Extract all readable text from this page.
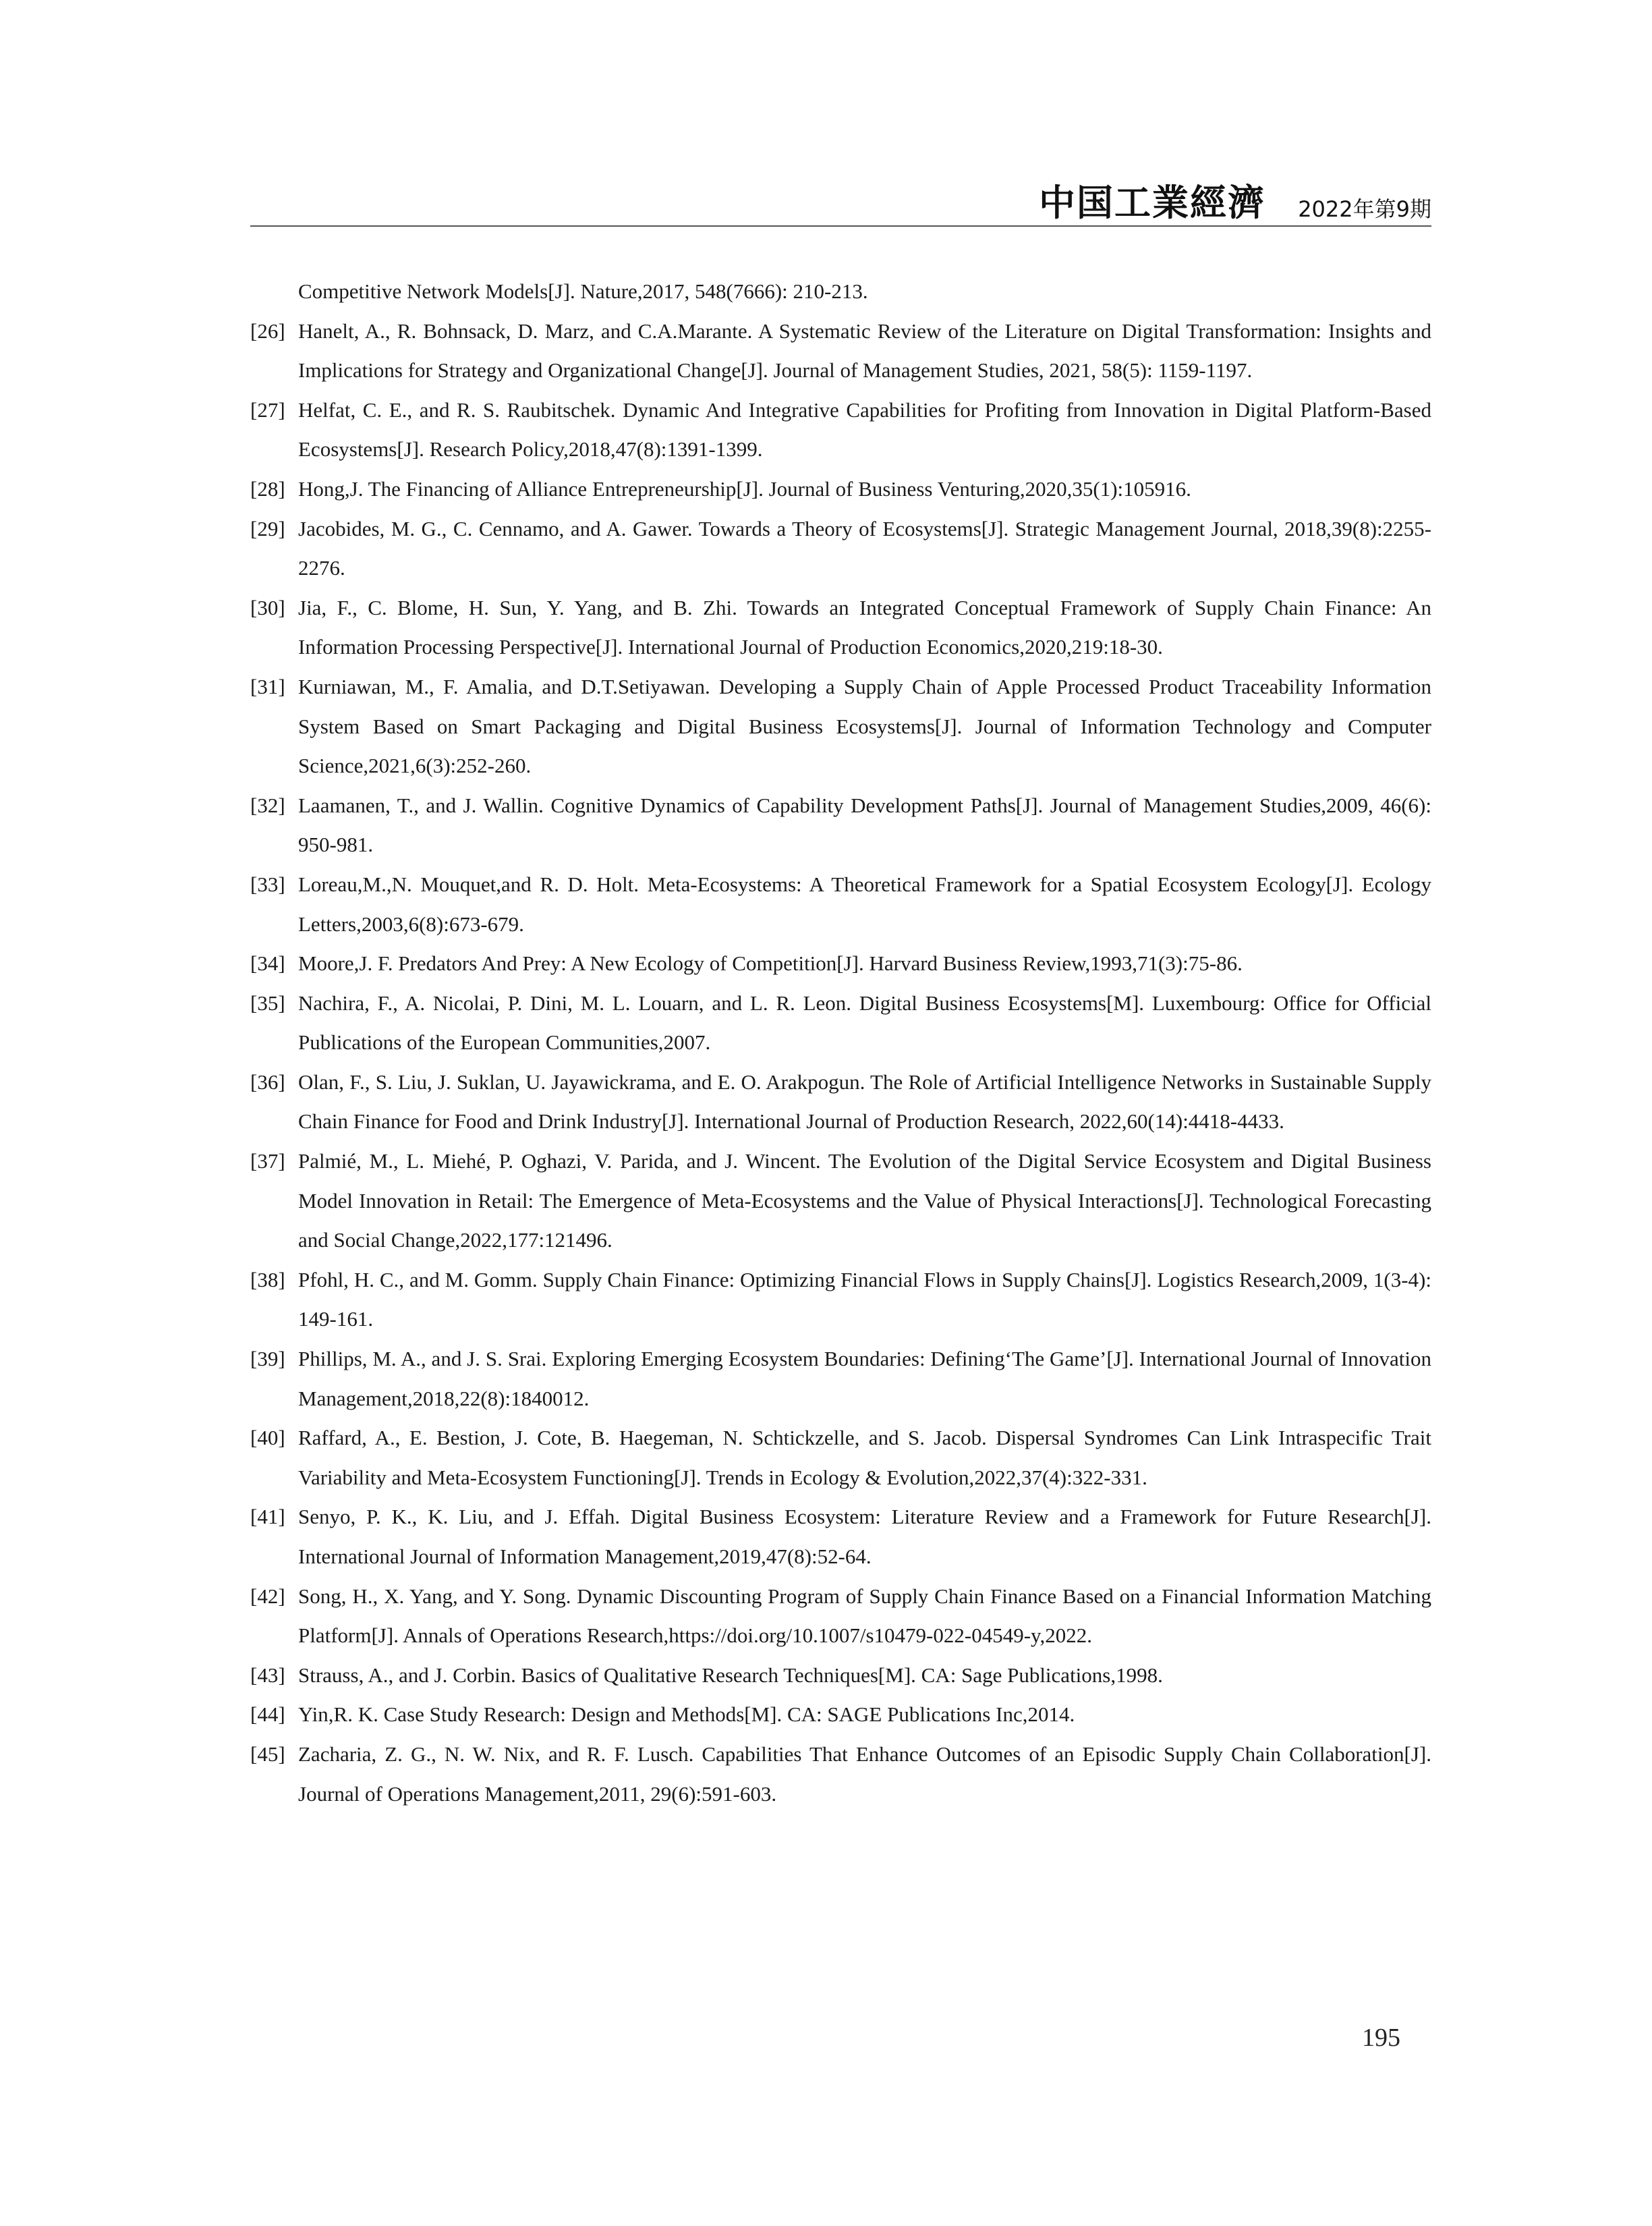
中国工業經濟 2022年第9期
Competitive Network Models[J]. Nature,2017, 548(7666): 210-213.
[26] Hanelt, A., R. Bohnsack, D. Marz, and C.A.Marante. A Systematic Review of the Literature on Digital Transformation: Insights and Implications for Strategy and Organizational Change[J]. Journal of Management Studies, 2021, 58(5): 1159-1197.
[27] Helfat, C. E., and R. S. Raubitschek. Dynamic And Integrative Capabilities for Profiting from Innovation in Digital Platform-Based Ecosystems[J]. Research Policy,2018,47(8):1391-1399.
[28] Hong,J. The Financing of Alliance Entrepreneurship[J]. Journal of Business Venturing,2020,35(1):105916.
[29] Jacobides, M. G., C. Cennamo, and A. Gawer. Towards a Theory of Ecosystems[J]. Strategic Management Journal, 2018,39(8):2255-2276.
[30] Jia, F., C. Blome, H. Sun, Y. Yang, and B. Zhi. Towards an Integrated Conceptual Framework of Supply Chain Finance: An Information Processing Perspective[J]. International Journal of Production Economics,2020,219:18-30.
[31] Kurniawan, M., F. Amalia, and D.T.Setiyawan. Developing a Supply Chain of Apple Processed Product Traceability Information System Based on Smart Packaging and Digital Business Ecosystems[J]. Journal of Information Technology and Computer Science,2021,6(3):252-260.
[32] Laamanen, T., and J. Wallin. Cognitive Dynamics of Capability Development Paths[J]. Journal of Management Studies,2009, 46(6): 950-981.
[33] Loreau,M.,N. Mouquet,and R. D. Holt. Meta-Ecosystems: A Theoretical Framework for a Spatial Ecosystem Ecology[J]. Ecology Letters,2003,6(8):673-679.
[34] Moore,J. F. Predators And Prey: A New Ecology of Competition[J]. Harvard Business Review,1993,71(3):75-86.
[35] Nachira, F., A. Nicolai, P. Dini, M. L. Louarn, and L. R. Leon. Digital Business Ecosystems[M]. Luxembourg: Office for Official Publications of the European Communities,2007.
[36] Olan, F., S. Liu, J. Suklan, U. Jayawickrama, and E. O. Arakpogun. The Role of Artificial Intelligence Networks in Sustainable Supply Chain Finance for Food and Drink Industry[J]. International Journal of Production Research, 2022,60(14):4418-4433.
[37] Palmié, M., L. Miehé, P. Oghazi, V. Parida, and J. Wincent. The Evolution of the Digital Service Ecosystem and Digital Business Model Innovation in Retail: The Emergence of Meta-Ecosystems and the Value of Physical Interactions[J]. Technological Forecasting and Social Change,2022,177:121496.
[38] Pfohl, H. C., and M. Gomm. Supply Chain Finance: Optimizing Financial Flows in Supply Chains[J]. Logistics Research,2009, 1(3-4): 149-161.
[39] Phillips, M. A., and J. S. Srai. Exploring Emerging Ecosystem Boundaries: Defining‘The Game’[J]. International Journal of Innovation Management,2018,22(8):1840012.
[40] Raffard, A., E. Bestion, J. Cote, B. Haegeman, N. Schtickzelle, and S. Jacob. Dispersal Syndromes Can Link Intraspecific Trait Variability and Meta-Ecosystem Functioning[J]. Trends in Ecology & Evolution,2022,37(4):322-331.
[41] Senyo, P. K., K. Liu, and J. Effah. Digital Business Ecosystem: Literature Review and a Framework for Future Research[J]. International Journal of Information Management,2019,47(8):52-64.
[42] Song, H., X. Yang, and Y. Song. Dynamic Discounting Program of Supply Chain Finance Based on a Financial Information Matching Platform[J]. Annals of Operations Research,https://doi.org/10.1007/s10479-022-04549-y,2022.
[43] Strauss, A., and J. Corbin. Basics of Qualitative Research Techniques[M]. CA: Sage Publications,1998.
[44] Yin,R. K. Case Study Research: Design and Methods[M]. CA: SAGE Publications Inc,2014.
[45] Zacharia, Z. G., N. W. Nix, and R. F. Lusch. Capabilities That Enhance Outcomes of an Episodic Supply Chain Collaboration[J]. Journal of Operations Management,2011, 29(6):591-603.
195
